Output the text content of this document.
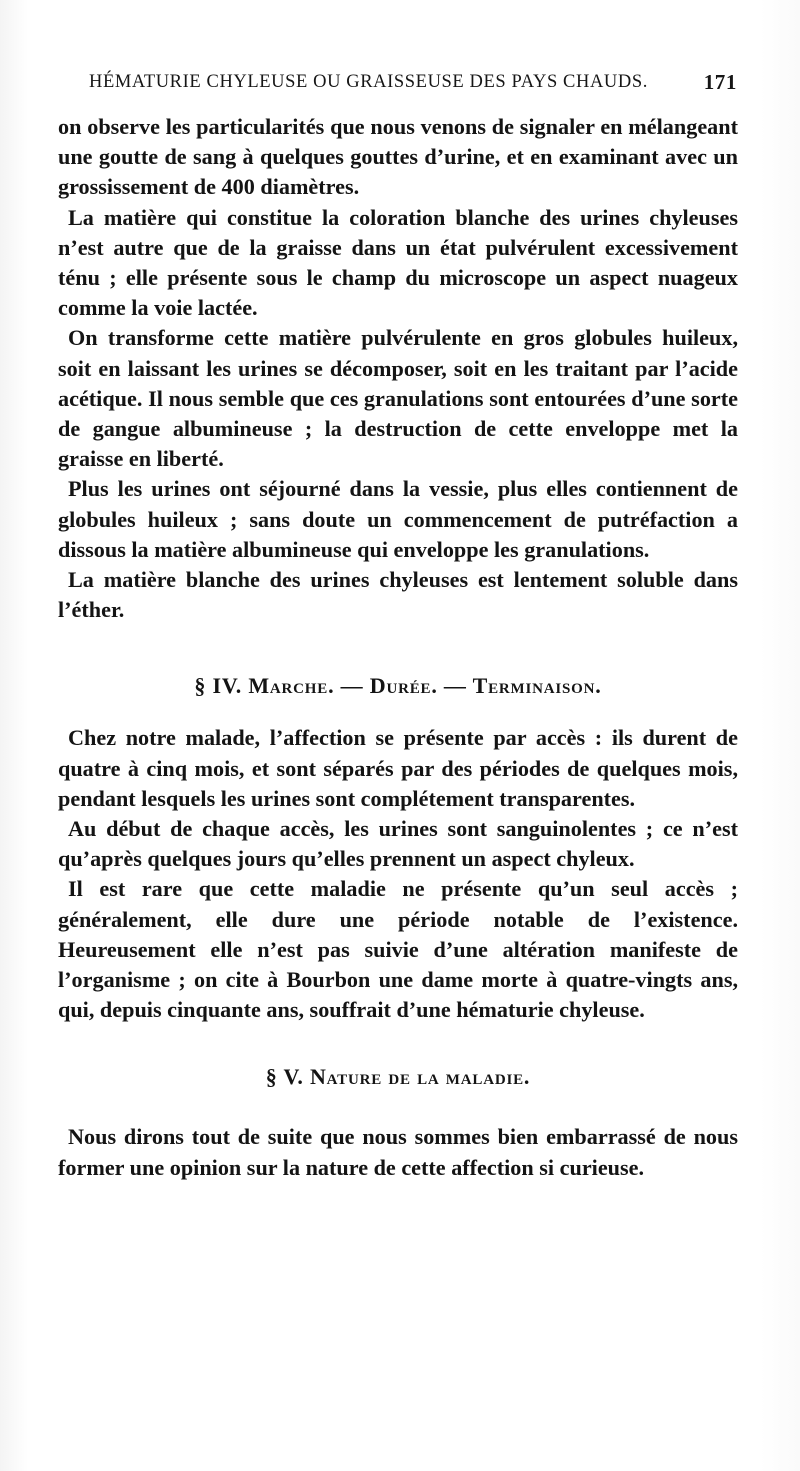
HÉMATURIE CHYLEUSE OU GRAISSEUSE DES PAYS CHAUDS.	171

on observe les particularités que nous venons de signaler en mélangeant une goutte de sang à quelques gouttes d’urine, et en examinant avec un grossissement de 400 diamètres.

La matière qui constitue la coloration blanche des urines chyleuses n’est autre que de la graisse dans un état pulvérulent excessivement ténu ; elle présente sous le champ du microscope un aspect nuageux comme la voie lactée.

On transforme cette matière pulvérulente en gros globules huileux, soit en laissant les urines se décomposer, soit en les traitant par l’acide acétique. Il nous semble que ces granulations sont entourées d’une sorte de gangue albumineuse ; la destruction de cette enveloppe met la graisse en liberté.

Plus les urines ont séjourné dans la vessie, plus elles contiennent de globules huileux ; sans doute un commencement de putréfaction a dissous la matière albumineuse qui enveloppe les granulations.

La matière blanche des urines chyleuses est lentement soluble dans l’éther.

§ IV. Marche. — Durée. — Terminaison.

Chez notre malade, l’affection se présente par accès : ils durent de quatre à cinq mois, et sont séparés par des périodes de quelques mois, pendant lesquels les urines sont complétement transparentes.

Au début de chaque accès, les urines sont sanguinolentes ; ce n’est qu’après quelques jours qu’elles prennent un aspect chyleux.

Il est rare que cette maladie ne présente qu’un seul accès ; généralement, elle dure une période notable de l’existence. Heureusement elle n’est pas suivie d’une altération manifeste de l’organisme ; on cite à Bourbon une dame morte à quatre-vingts ans, qui, depuis cinquante ans, souffrait d’une hématurie chyleuse.

§ V. Nature de la maladie.

Nous dirons tout de suite que nous sommes bien embarrassé de nous former une opinion sur la nature de cette affection si curieuse.
